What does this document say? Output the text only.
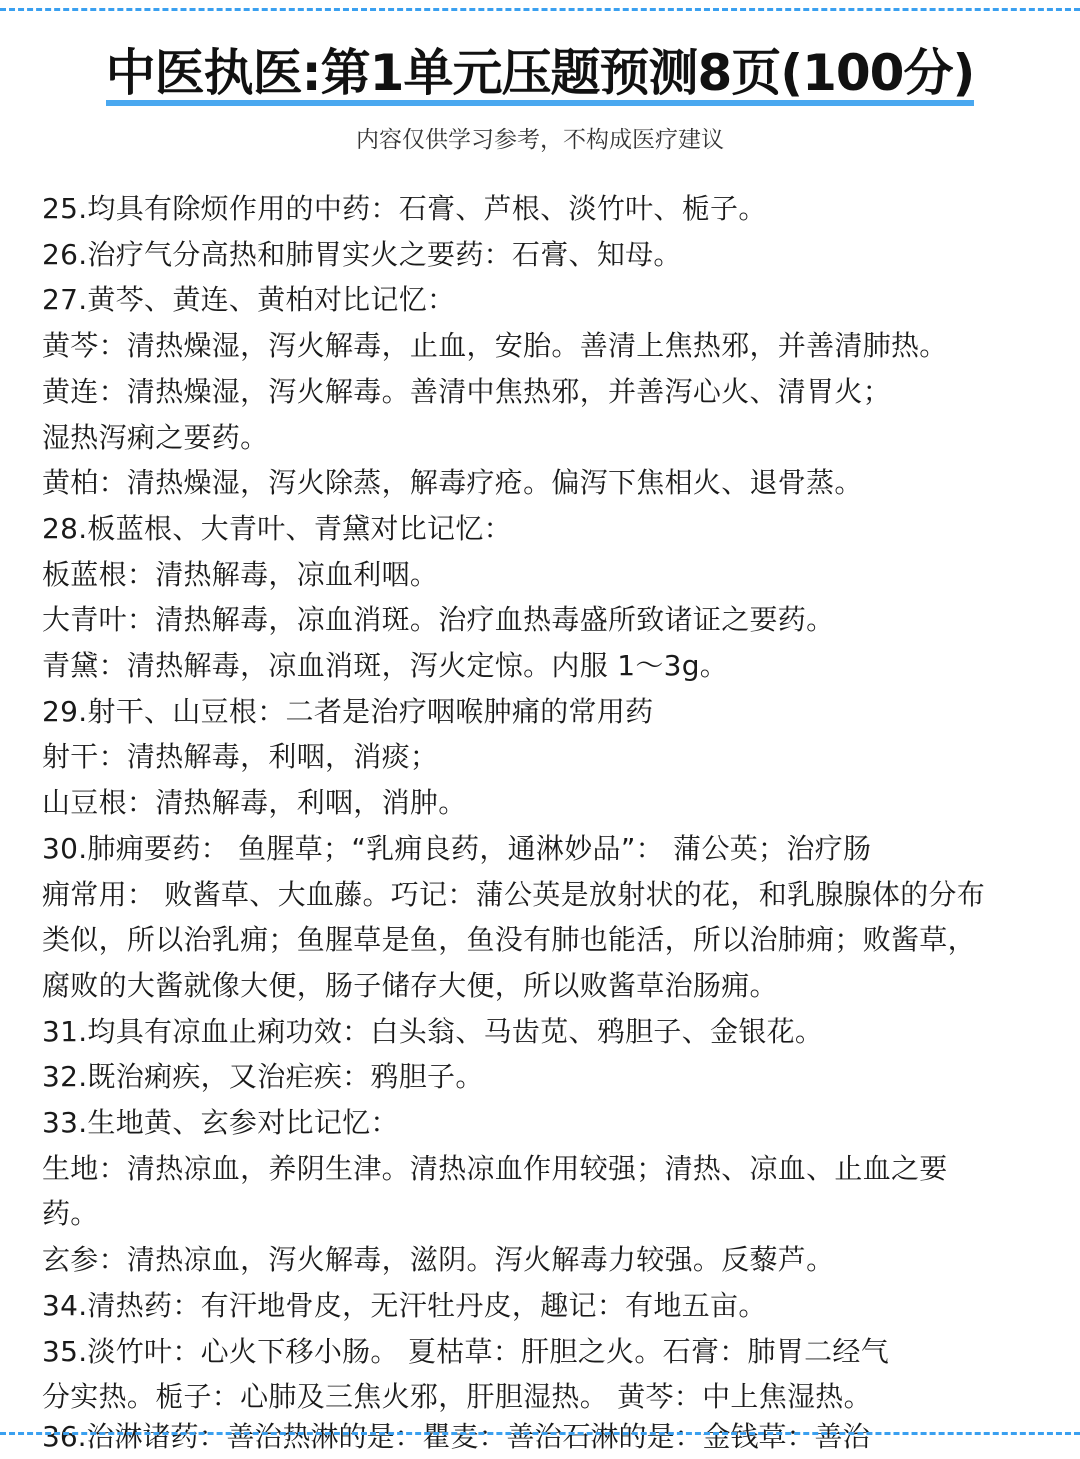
中医执医:第1单元压题预测8页(100分)
内容仅供学习参考，不构成医疗建议
25.均具有除烦作用的中药：石膏、芦根、淡竹叶、栀子。
26.治疗气分高热和肺胃实火之要药：石膏、知母。
27.黄芩、黄连、黄柏对比记忆：
黄芩：清热燥湿，泻火解毒，止血，安胎。善清上焦热邪，并善清肺热。
黄连：清热燥湿，泻火解毒。善清中焦热邪，并善泻心火、清胃火；
湿热泻痢之要药。
黄柏：清热燥湿，泻火除蒸，解毒疗疮。偏泻下焦相火、退骨蒸。
28.板蓝根、大青叶、青黛对比记忆：
板蓝根：清热解毒，凉血利咽。
大青叶：清热解毒，凉血消斑。治疗血热毒盛所致诸证之要药。
青黛：清热解毒，凉血消斑，泻火定惊。内服 1～3g。
29.射干、山豆根：二者是治疗咽喉肿痛的常用药
射干：清热解毒，利咽，消痰；
山豆根：清热解毒，利咽，消肿。
30.肺痈要药： 鱼腥草；“乳痈良药，通淋妙品”： 蒲公英；治疗肠
痈常用： 败酱草、大血藤。巧记：蒲公英是放射状的花，和乳腺腺体的分布
类似，所以治乳痈；鱼腥草是鱼，鱼没有肺也能活，所以治肺痈；败酱草，
腐败的大酱就像大便，肠子储存大便，所以败酱草治肠痈。
31.均具有凉血止痢功效：白头翁、马齿苋、鸦胆子、金银花。
32.既治痢疾，又治疟疾：鸦胆子。
33.生地黄、玄参对比记忆：
生地：清热凉血，养阴生津。清热凉血作用较强；清热、凉血、止血之要
药。
玄参：清热凉血，泻火解毒，滋阴。泻火解毒力较强。反藜芦。
34.清热药：有汗地骨皮，无汗牡丹皮，趣记：有地五亩。
35.淡竹叶：心火下移小肠。 夏枯草：肝胆之火。石膏：肺胃二经气
分实热。栀子：心肺及三焦火邪，肝胆湿热。 黄芩：中上焦湿热。
36.治淋诸药：善治热淋的是：瞿麦：善治石淋的是：金钱草：善治
